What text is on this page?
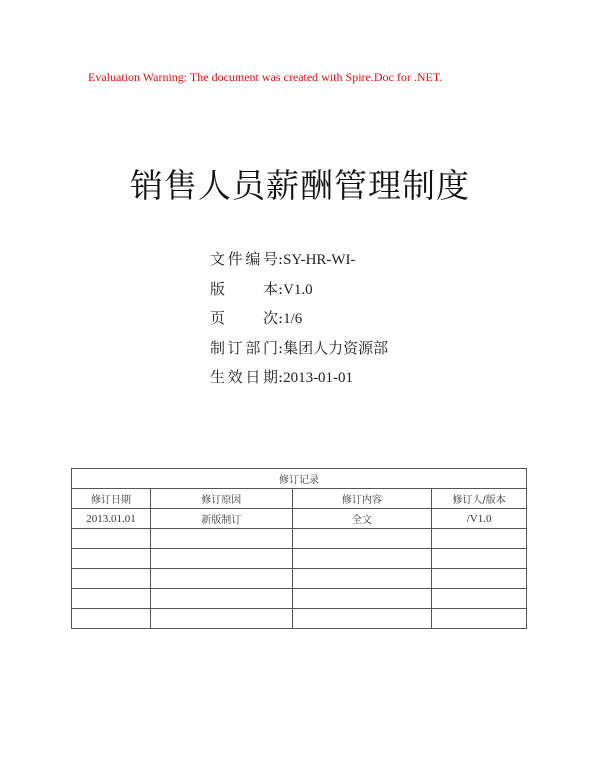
Evaluation Warning: The document was created with Spire.Doc for .NET.
销售人员薪酬管理制度
文件编号:SY-HR-WI-
版本:V1.0
页次:1/6
制订部门:集团人力资源部
生效日期:2013-01-01
修订记录			
修订日期	修订原因	修订内容	修订人/版本
2013.01.01	新版制订	全文	/V1.0
